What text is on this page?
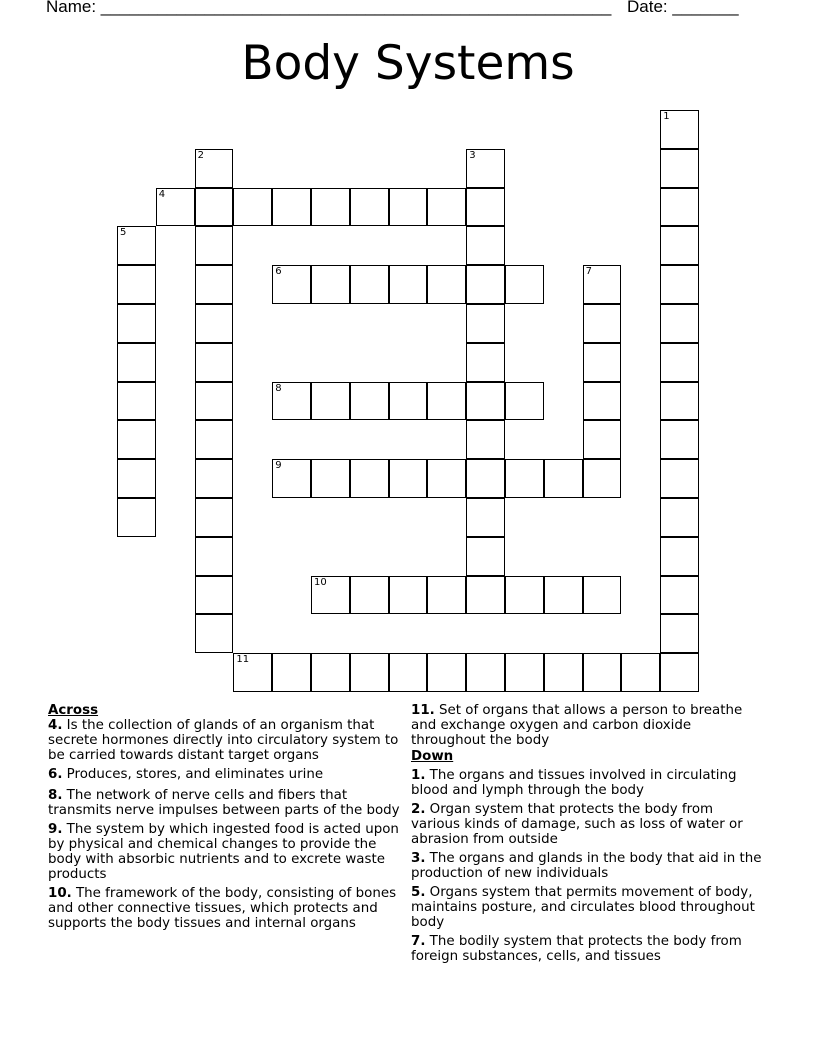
Name: ______________________________________________________ Date: _______
Body Systems
1
2	3
4
5
6	7
8
9
10
11

Across

4. Is the collection of glands of an organism that secrete hormones directly into circulatory system to be carried towards distant target organs
6. Produces, stores, and eliminates urine
8. The network of nerve cells and fibers that transmits nerve impulses between parts of the body
9. The system by which ingested food is acted upon by physical and chemical changes to provide the body with absorbic nutrients and to excrete waste products
10. The framework of the body, consisting of bones and other connective tissues, which protects and supports the body tissues and internal organs
11. Set of organs that allows a person to breathe and exchange oxygen and carbon dioxide throughout the body

Down

1. The organs and tissues involved in circulating blood and lymph through the body
2. Organ system that protects the body from various kinds of damage, such as loss of water or abrasion from outside
3. The organs and glands in the body that aid in the production of new individuals
5. Organs system that permits movement of body, maintains posture, and circulates blood throughout body
7. The bodily system that protects the body from foreign substances, cells, and tissues
